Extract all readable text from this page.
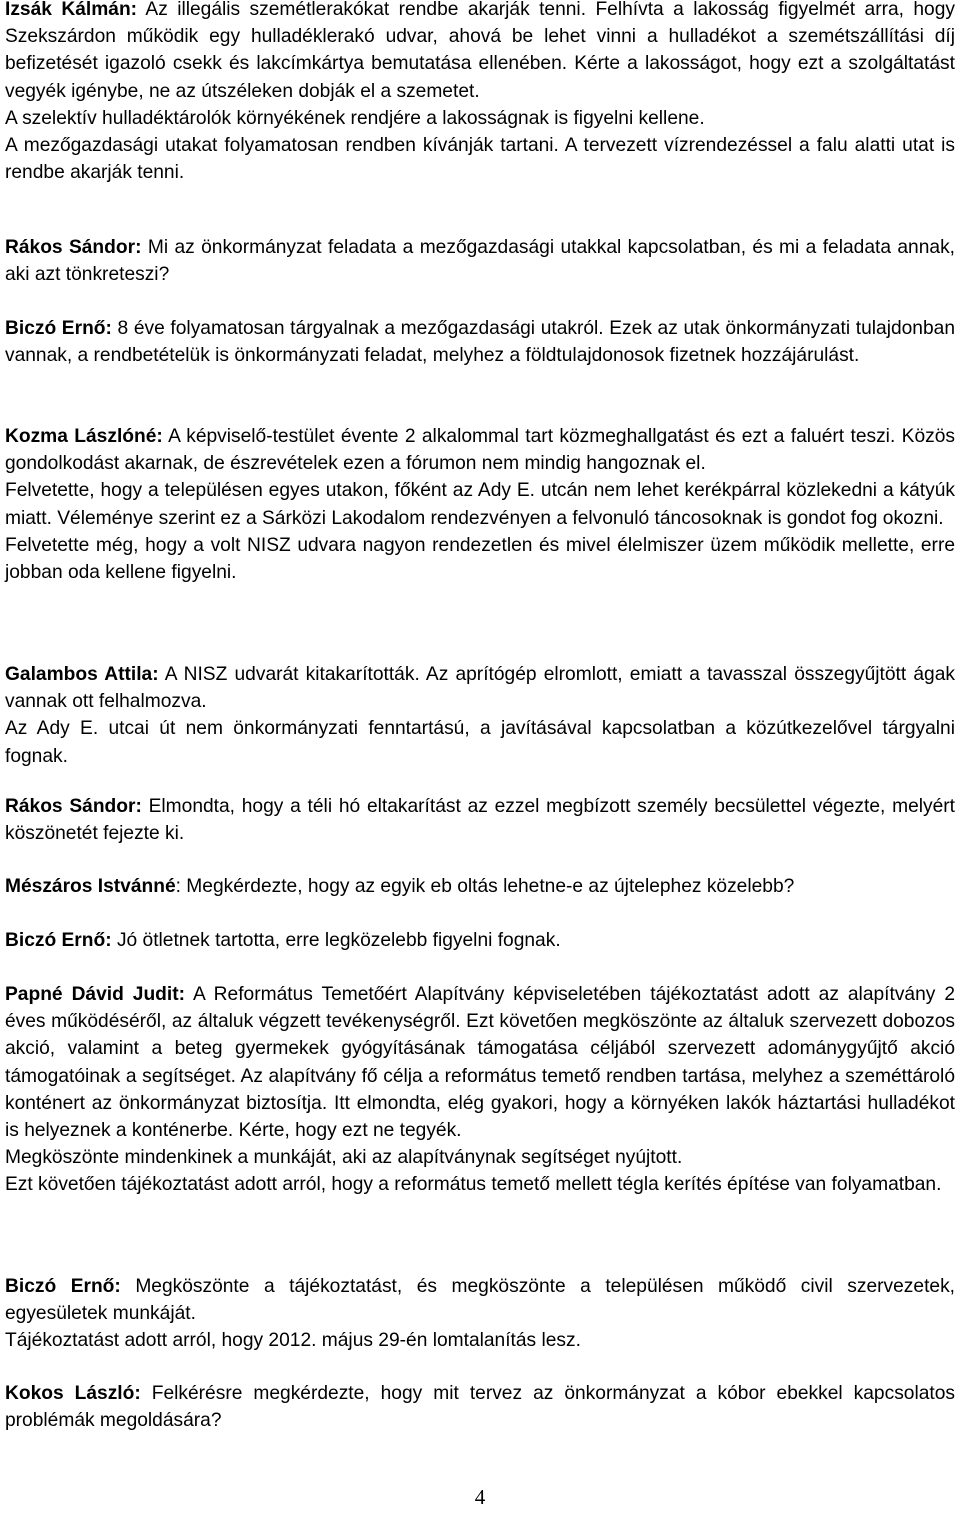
Izsák Kálmán: Az illegális szemétlerakókat rendbe akarják tenni. Felhívta a lakosság figyelmét arra, hogy Szekszárdon működik egy hulladéklerakó udvar, ahová be lehet vinni a hulladékot a szemétszállítási díj befizetését igazoló csekk és lakcímkártya bemutatása ellenében. Kérte a lakosságot, hogy ezt a szolgáltatást vegyék igénybe, ne az útszéleken dobják el a szemetet.

A szelektív hulladéktárolók környékének rendjére a lakosságnak is figyelni kellene.

A mezőgazdasági utakat folyamatosan rendben kívánják tartani. A tervezett vízrendezéssel a falu alatti utat is rendbe akarják tenni.

Rákos Sándor: Mi az önkormányzat feladata a mezőgazdasági utakkal kapcsolatban, és mi a feladata annak, aki azt tönkreteszi?

Biczó Ernő: 8 éve folyamatosan tárgyalnak a mezőgazdasági utakról. Ezek az utak önkormányzati tulajdonban vannak, a rendbetételük is önkormányzati feladat, melyhez a földtulajdonosok fizetnek hozzájárulást.

Kozma Lászlóné: A képviselő-testület évente 2 alkalommal tart közmeghallgatást és ezt a faluért teszi. Közös gondolkodást akarnak, de észrevételek ezen a fórumon nem mindig hangoznak el.

Felvetette, hogy a településen egyes utakon, főként az Ady E. utcán nem lehet kerékpárral közlekedni a kátyúk miatt. Véleménye szerint ez a Sárközi Lakodalom rendezvényen a felvonuló táncosoknak is gondot fog okozni.

Felvetette még, hogy a volt NISZ udvara nagyon rendezetlen és mivel élelmiszer üzem működik mellette, erre jobban oda kellene figyelni.

Galambos Attila: A NISZ udvarát kitakarították. Az aprítógép elromlott, emiatt a tavasszal összegyűjtött ágak vannak ott felhalmozva.

Az Ady E. utcai út nem önkormányzati fenntartású, a javításával kapcsolatban a közútkezelővel tárgyalni fognak.

Rákos Sándor: Elmondta, hogy a téli hó eltakarítást az ezzel megbízott személy becsülettel végezte, melyért köszönetét fejezte ki.

Mészáros Istvánné: Megkérdezte, hogy az egyik eb oltás lehetne-e az újtelephez közelebb?

Biczó Ernő: Jó ötletnek tartotta, erre legközelebb figyelni fognak.

Papné Dávid Judit: A Református Temetőért Alapítvány képviseletében tájékoztatást adott az alapítvány 2 éves működéséről, az általuk végzett tevékenységről. Ezt követően megköszönte az általuk szervezett dobozos akció, valamint a beteg gyermekek gyógyításának támogatása céljából szervezett adománygyűjtő akció támogatóinak a segítséget. Az alapítvány fő célja a református temető rendben tartása, melyhez a szeméttároló konténert az önkormányzat biztosítja. Itt elmondta, elég gyakori, hogy a környéken lakók háztartási hulladékot is helyeznek a konténerbe. Kérte, hogy ezt ne tegyék.

Megköszönte mindenkinek a munkáját, aki az alapítványnak segítséget nyújtott.

Ezt követően tájékoztatást adott arról, hogy a református temető mellett tégla kerítés építése van folyamatban.

Biczó Ernő: Megköszönte a tájékoztatást, és megköszönte a településen működő civil szervezetek, egyesületek munkáját.

Tájékoztatást adott arról, hogy 2012. május 29-én lomtalanítás lesz.

Kokos László: Felkérésre megkérdezte, hogy mit tervez az önkormányzat a kóbor ebekkel kapcsolatos problémák megoldására?

4
